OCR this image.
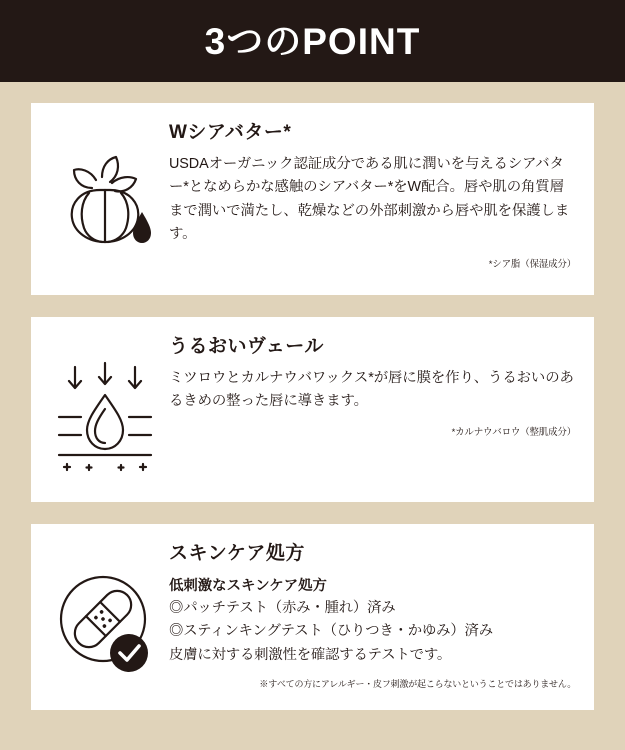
3つのPOINT
Wシアバター*

USDAオーガニック認証成分である肌に潤いを与えるシアバター*となめらかな感触のシアバター*をW配合。唇や肌の角質層まで潤いで満たし、乾燥などの外部刺激から唇や肌を保護します。

*シア脂（保湿成分）
うるおいヴェール

ミツロウとカルナウバワックス*が唇に膜を作り、うるおいのあるきめの整った唇に導きます。

*カルナウバロウ（整肌成分）
スキンケア処方

低刺激なスキンケア処方

◎パッチテスト（赤み・腫れ）済み

◎スティンキングテスト（ひりつき・かゆみ）済み

皮膚に対する刺激性を確認するテストです。

※すべての方にアレルギー・皮フ刺激が起こらないということではありません。
